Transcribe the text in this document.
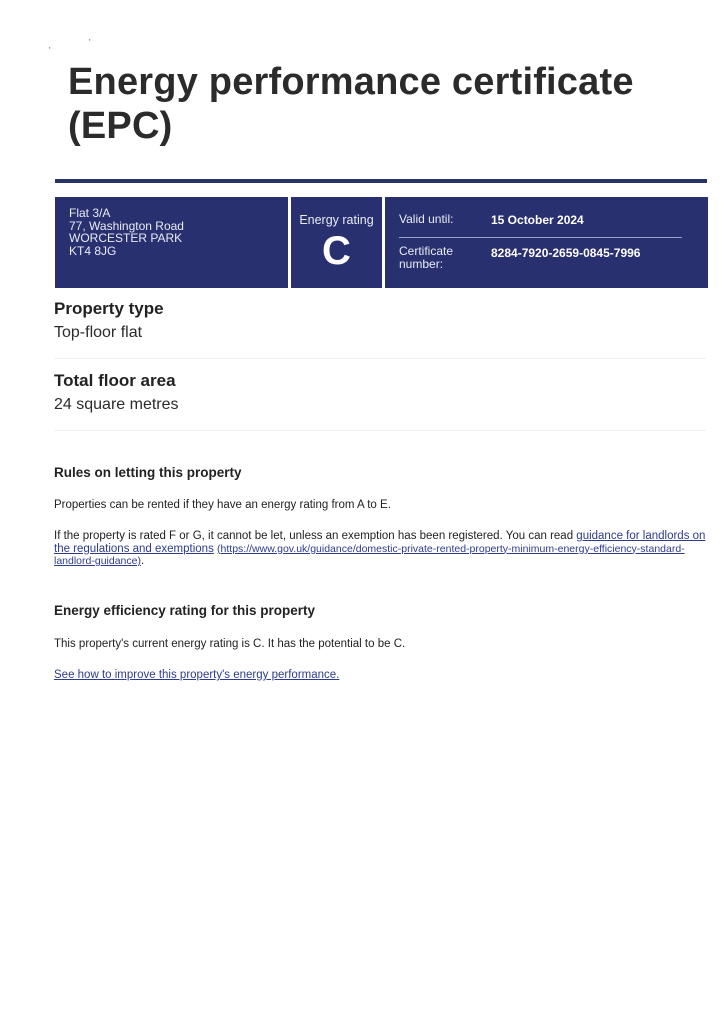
'
'
Energy performance certificate (EPC)
Flat 3/A
77, Washington Road
WORCESTER PARK
KT4 8JG
Energy rating
C
Valid until:	15 October 2024
Certificate number:
8284-7920-2659-0845-7996
Property type
Top-floor flat
Total floor area
24 square metres
Rules on letting this property

Properties can be rented if they have an energy rating from A to E.

If the property is rated F or G, it cannot be let, unless an exemption has been registered. You can read guidance for landlords on the regulations and exemptions (https://www.gov.uk/guidance/domestic-private-rented-property-minimum-energy-efficiency-standard-landlord-guidance).

Energy efficiency rating for this property

This property's current energy rating is C. It has the potential to be C.

See how to improve this property's energy performance.
